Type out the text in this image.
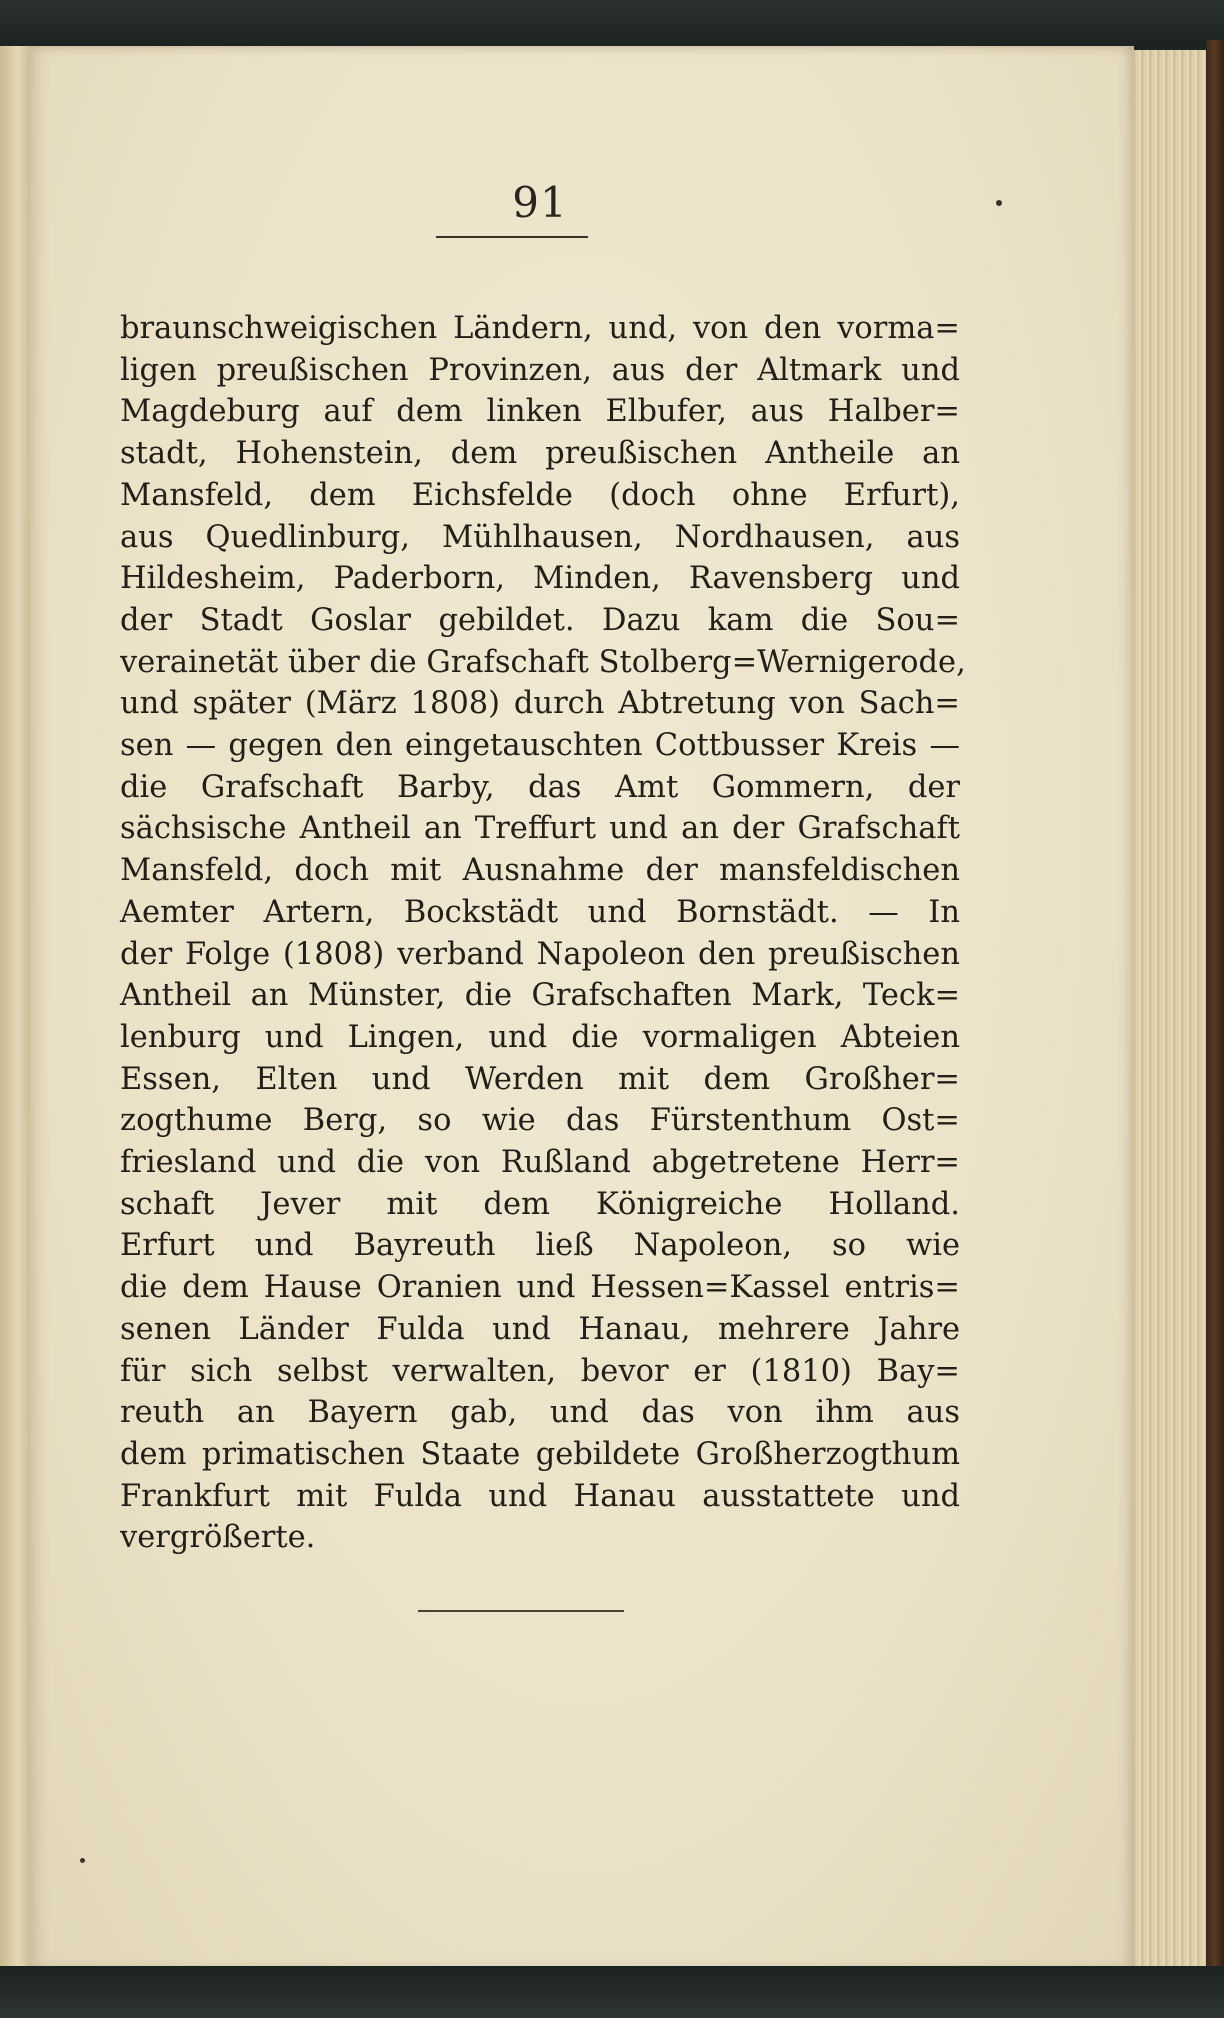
91
braunschweigischen Ländern, und, von den vorma=
ligen preußischen Provinzen, aus der Altmark und
Magdeburg auf dem linken Elbufer, aus Halber=
stadt, Hohenstein, dem preußischen Antheile an
Mansfeld, dem Eichsfelde (doch ohne Erfurt),
aus Quedlinburg, Mühlhausen, Nordhausen, aus
Hildesheim, Paderborn, Minden, Ravensberg und
der Stadt Goslar gebildet. Dazu kam die Sou=
verainetät über die Grafschaft Stolberg=Wernigerode,
und später (März 1808) durch Abtretung von Sach=
sen — gegen den eingetauschten Cottbusser Kreis —
die Grafschaft Barby, das Amt Gommern, der
sächsische Antheil an Treffurt und an der Grafschaft
Mansfeld, doch mit Ausnahme der mansfeldischen
Aemter Artern, Bockstädt und Bornstädt. — In
der Folge (1808) verband Napoleon den preußischen
Antheil an Münster, die Grafschaften Mark, Teck=
lenburg und Lingen, und die vormaligen Abteien
Essen, Elten und Werden mit dem Großher=
zogthume Berg, so wie das Fürstenthum Ost=
friesland und die von Rußland abgetretene Herr=
schaft Jever mit dem Königreiche Holland.
Erfurt und Bayreuth ließ Napoleon, so wie
die dem Hause Oranien und Hessen=Kassel entris=
senen Länder Fulda und Hanau, mehrere Jahre
für sich selbst verwalten, bevor er (1810) Bay=
reuth an Bayern gab, und das von ihm aus
dem primatischen Staate gebildete Großherzogthum
Frankfurt mit Fulda und Hanau ausstattete und
vergrößerte.
